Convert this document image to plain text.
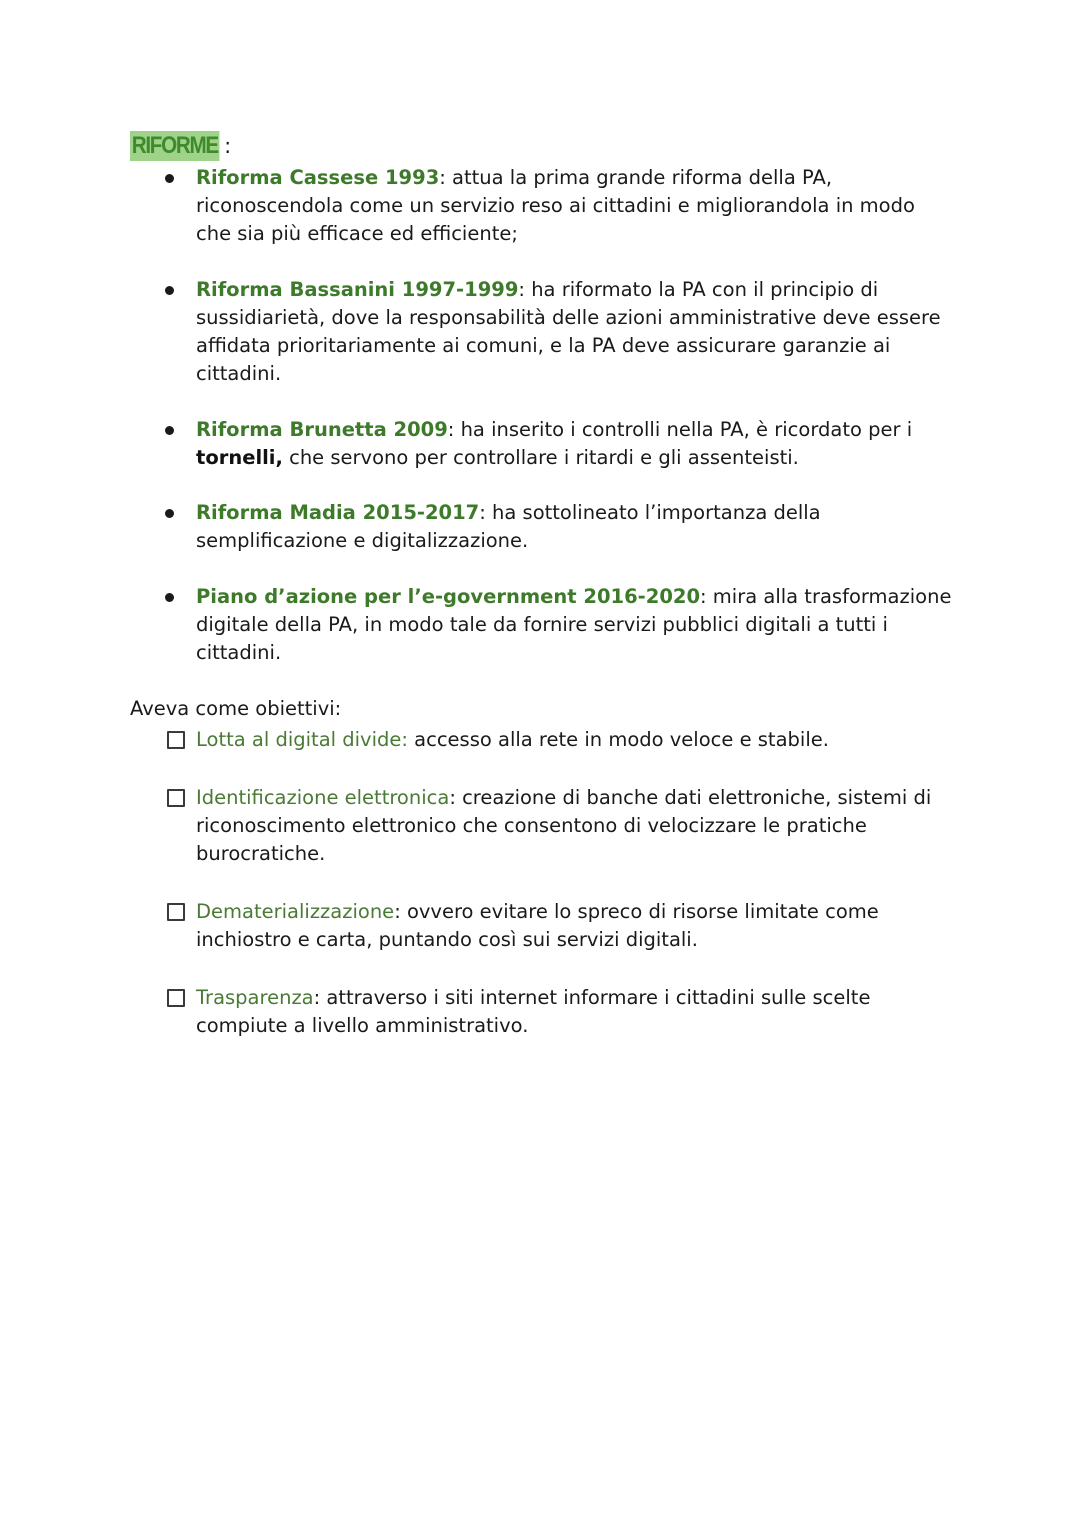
RIFORME :
Riforma Cassese 1993: attua la prima grande riforma della PA, riconoscendola come un servizio reso ai cittadini e migliorandola in modo che sia più efficace ed efficiente;
Riforma Bassanini 1997-1999: ha riformato la PA con il principio di sussidiarietà, dove la responsabilità delle azioni amministrative deve essere affidata prioritariamente ai comuni, e la PA deve assicurare garanzie ai cittadini.
Riforma Brunetta 2009: ha inserito i controlli nella PA, è ricordato per i tornelli, che servono per controllare i ritardi e gli assenteisti.
Riforma Madia 2015-2017: ha sottolineato l’importanza della semplificazione e digitalizzazione.
Piano d’azione per l’e-government 2016-2020: mira alla trasformazione digitale della PA, in modo tale da fornire servizi pubblici digitali a tutti i cittadini.
Aveva come obiettivi:
Lotta al digital divide: accesso alla rete in modo veloce e stabile.
Identificazione elettronica: creazione di banche dati elettroniche, sistemi di riconoscimento elettronico che consentono di velocizzare le pratiche burocratiche.
Dematerializzazione: ovvero evitare lo spreco di risorse limitate come inchiostro e carta, puntando così sui servizi digitali.
Trasparenza: attraverso i siti internet informare i cittadini sulle scelte compiute a livello amministrativo.
